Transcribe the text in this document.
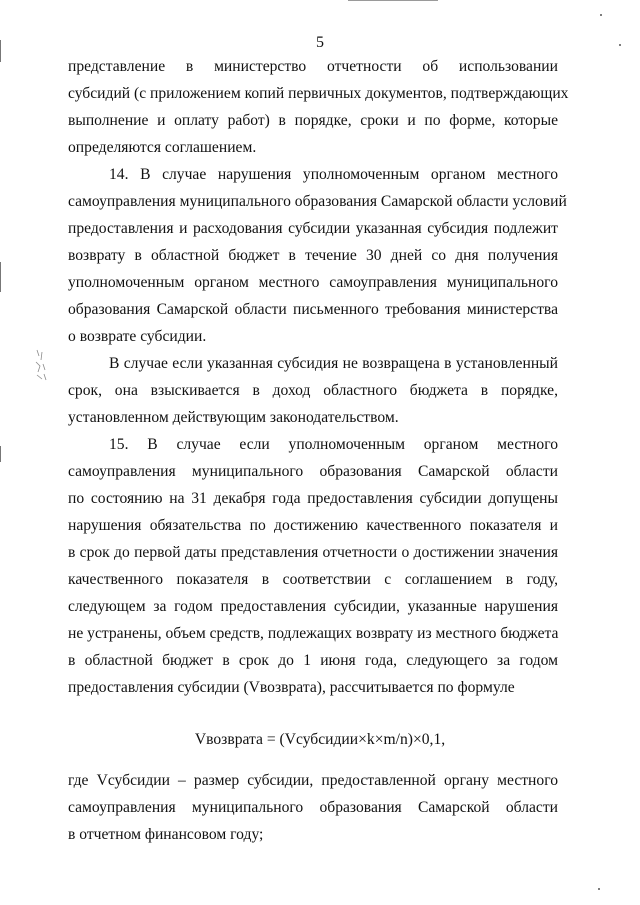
5
представление в министерство отчетности об использовании
субсидий (с приложением копий первичных документов, подтверждающих
выполнение и оплату работ) в порядке, сроки и по форме, которые
определяются соглашением.
14. В случае нарушения уполномоченным органом местного
самоуправления муниципального образования Самарской области условий
предоставления и расходования субсидии указанная субсидия подлежит
возврату в областной бюджет в течение 30 дней со дня получения
уполномоченным органом местного самоуправления муниципального
образования Самарской области письменного требования министерства
о возврате субсидии.
В случае если указанная субсидия не возвращена в установленный
срок, она взыскивается в доход областного бюджета в порядке,
установленном действующим законодательством.
15. В случае если уполномоченным органом местного
самоуправления муниципального образования Самарской области
по состоянию на 31 декабря года предоставления субсидии допущены
нарушения обязательства по достижению качественного показателя и
в срок до первой даты представления отчетности о достижении значения
качественного показателя в соответствии с соглашением в году,
следующем за годом предоставления субсидии, указанные нарушения
не устранены, объем средств, подлежащих возврату из местного бюджета
в областной бюджет в срок до 1 июня года, следующего за годом
предоставления субсидии (Vвозврата), рассчитывается по формуле
Vвозврата = (Vсубсидии×k×m/n)×0,1,
где Vсубсидии – размер субсидии, предоставленной органу местного
самоуправления муниципального образования Самарской области
в отчетном финансовом году;
